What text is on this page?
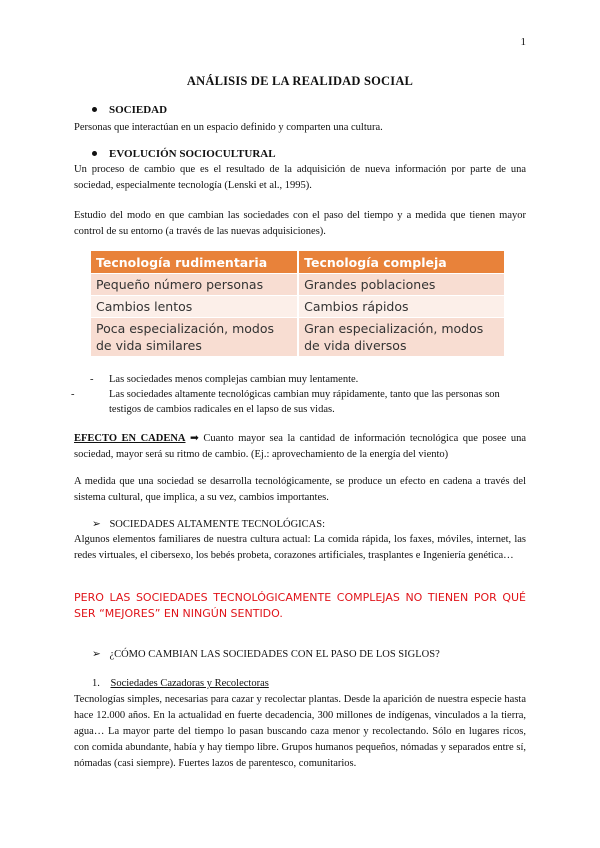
1
ANÁLISIS DE LA REALIDAD SOCIAL
SOCIEDAD
Personas que interactúan en un espacio definido y comparten una cultura.
EVOLUCIÓN SOCIOCULTURAL
Un proceso de cambio que es el resultado de la adquisición de nueva información por parte de una sociedad, especialmente tecnología (Lenski et al., 1995).
Estudio del modo en que cambian las sociedades con el paso del tiempo y a medida que tienen mayor control de su entorno (a través de las nuevas adquisiciones).
Tecnología rudimentaria	Tecnología compleja
Pequeño número personas	Grandes poblaciones
Cambios lentos	Cambios rápidos
Poca especialización, modos de vida similares	Gran especialización, modos de vida diversos
- Las sociedades menos complejas cambian muy lentamente.
-	Las sociedades altamente tecnológicas cambian muy rápidamente, tanto que las personas son testigos de cambios radicales en el lapso de sus vidas.
EFECTO EN CADENA ➡ Cuanto mayor sea la cantidad de información tecnológica que posee una sociedad, mayor será su ritmo de cambio. (Ej.: aprovechamiento de la energía del viento)
A medida que una sociedad se desarrolla tecnológicamente, se produce un efecto en cadena a través del sistema cultural, que implica, a su vez, cambios importantes.
➢ SOCIEDADES ALTAMENTE TECNOLÓGICAS:
Algunos elementos familiares de nuestra cultura actual: La comida rápida, los faxes, móviles, internet, las redes virtuales, el cibersexo, los bebés probeta, corazones artificiales, trasplantes e Ingeniería genética…
PERO LAS SOCIEDADES TECNOLÓGICAMENTE COMPLEJAS NO TIENEN POR QUÉ SER “MEJORES” EN NINGÚN SENTIDO.
➢ ¿CÓMO CAMBIAN LAS SOCIEDADES CON EL PASO DE LOS SIGLOS?
1. Sociedades Cazadoras y Recolectoras
Tecnologías simples, necesarias para cazar y recolectar plantas. Desde la aparición de nuestra especie hasta hace 12.000 años. En la actualidad en fuerte decadencia, 300 millones de indígenas, vinculados a la tierra, agua… La mayor parte del tiempo lo pasan buscando caza menor y recolectando. Sólo en lugares ricos, con comida abundante, había y hay tiempo libre. Grupos humanos pequeños, nómadas y separados entre sí, nómadas (casi siempre). Fuertes lazos de parentesco, comunitarios.
